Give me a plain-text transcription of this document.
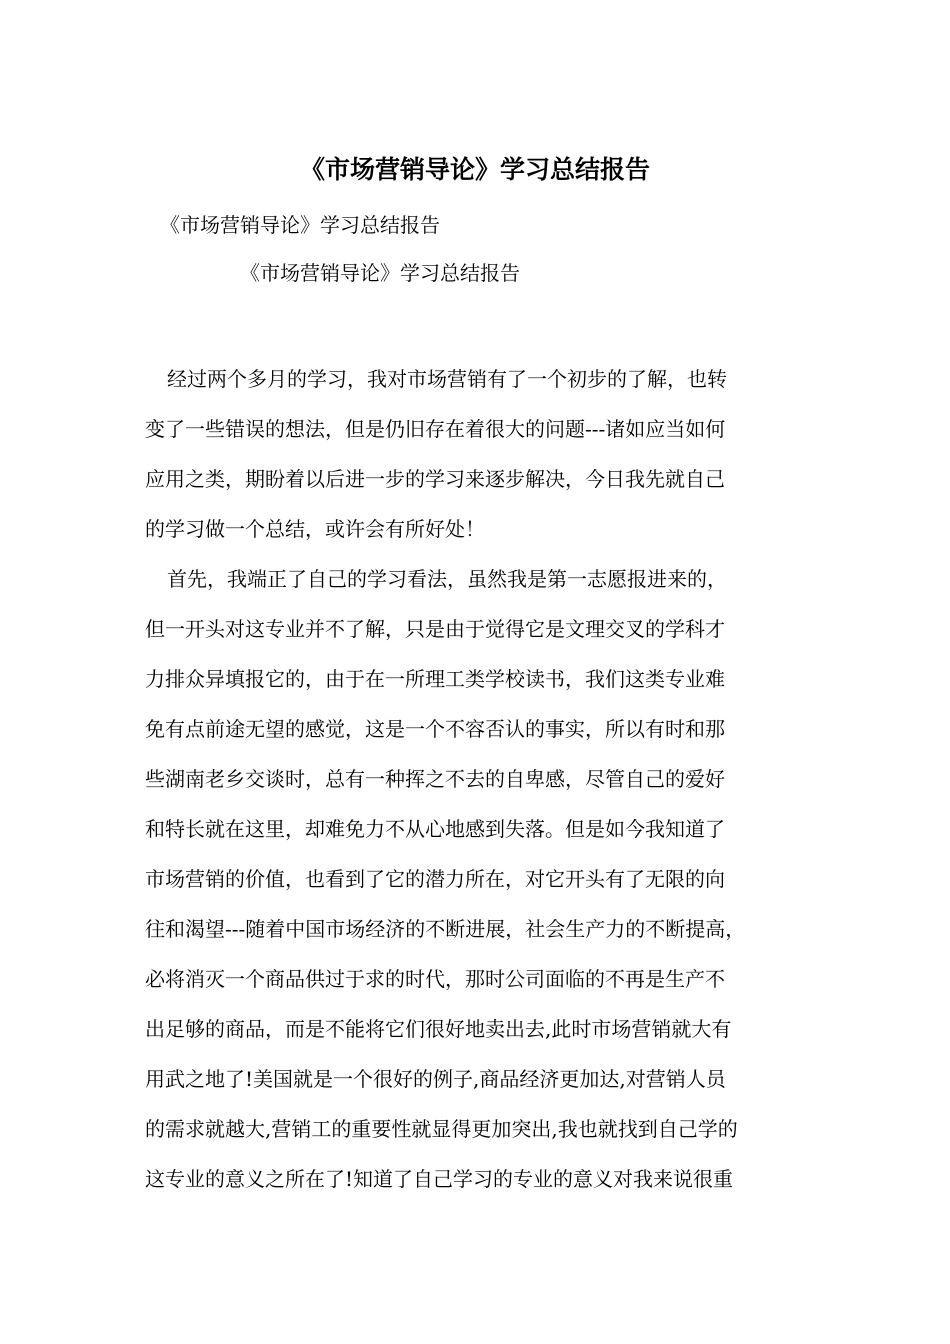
《市场营销导论》学习总结报告
《市场营销导论》学习总结报告
《市场营销导论》学习总结报告
经过两个多月的学习，我对市场营销有了一个初步的了解，也转
变了一些错误的想法，但是仍旧存在着很大的问题---诸如应当如何
应用之类，期盼着以后进一步的学习来逐步解决，今日我先就自己
的学习做一个总结，或许会有所好处！
首先，我端正了自己的学习看法，虽然我是第一志愿报进来的，
但一开头对这专业并不了解，只是由于觉得它是文理交叉的学科才
力排众异填报它的，由于在一所理工类学校读书，我们这类专业难
免有点前途无望的感觉，这是一个不容否认的事实，所以有时和那
些湖南老乡交谈时，总有一种挥之不去的自卑感，尽管自己的爱好
和特长就在这里，却难免力不从心地感到失落。但是如今我知道了
市场营销的价值，也看到了它的潜力所在，对它开头有了无限的向
往和渴望---随着中国市场经济的不断进展，社会生产力的不断提高，
必将消灭一个商品供过于求的时代，那时公司面临的不再是生产不
出足够的商品，而是不能将它们很好地卖出去,此时市场营销就大有
用武之地了!美国就是一个很好的例子,商品经济更加达,对营销人员
的需求就越大,营销工的重要性就显得更加突出,我也就找到自己学的
这专业的意义之所在了!知道了自己学习的专业的意义对我来说很重
